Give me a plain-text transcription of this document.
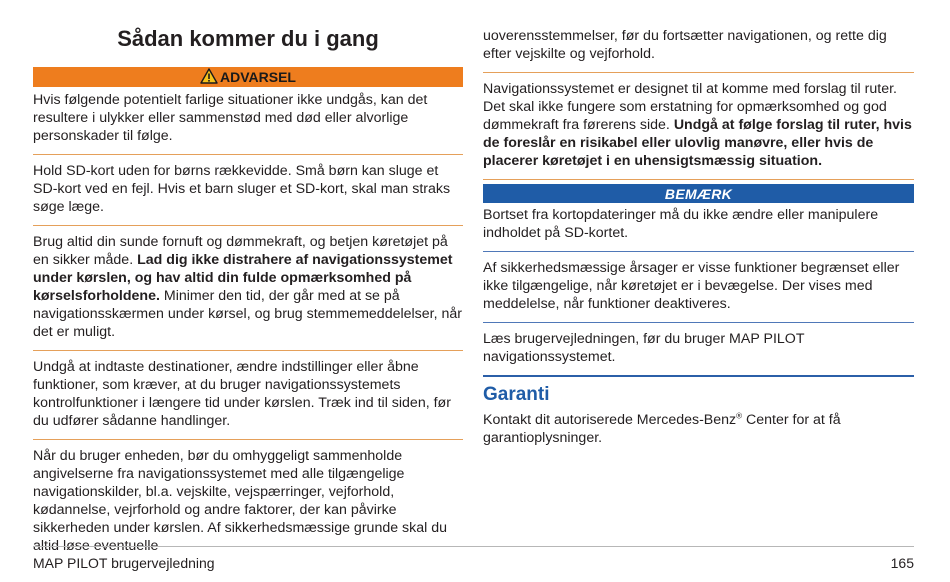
Sådan kommer du i gang
ADVARSEL
Hvis følgende potentielt farlige situationer ikke undgås, kan det resultere i ulykker eller sammenstød med død eller alvorlige personskader til følge.
Hold SD-kort uden for børns rækkevidde. Små børn kan sluge et SD-kort ved en fejl. Hvis et barn sluger et SD-kort, skal man straks søge læge.
Brug altid din sunde fornuft og dømmekraft, og betjen køretøjet på en sikker måde. Lad dig ikke distrahere af navigationssystemet under kørslen, og hav altid din fulde opmærksomhed på kørselsforholdene. Minimer den tid, der går med at se på navigationsskærmen under kørsel, og brug stemmemeddelelser, når det er muligt.
Undgå at indtaste destinationer, ændre indstillinger eller åbne funktioner, som kræver, at du bruger navigationssystemets kontrolfunktioner i længere tid under kørslen. Træk ind til siden, før du udfører sådanne handlinger.
Når du bruger enheden, bør du omhyggeligt sammenholde angivelserne fra navigationssystemet med alle tilgængelige navigationskilder, bl.a. vejskilte, vejspærringer, vejforhold, kødannelse, vejrforhold og andre faktorer, der kan påvirke sikkerheden under kørslen. Af sikkerhedsmæssige grunde skal du altid løse eventuelle
uoverensstemmelser, før du fortsætter navigationen, og rette dig efter vejskilte og vejforhold.
Navigationssystemet er designet til at komme med forslag til ruter. Det skal ikke fungere som erstatning for opmærksomhed og god dømmekraft fra førerens side. Undgå at følge forslag til ruter, hvis de foreslår en risikabel eller ulovlig manøvre, eller hvis de placerer køretøjet i en uhensigtsmæssig situation.
BEMÆRK
Bortset fra kortopdateringer må du ikke ændre eller manipulere indholdet på SD-kortet.
Af sikkerhedsmæssige årsager er visse funktioner begrænset eller ikke tilgængelige, når køretøjet er i bevægelse. Der vises med meddelelse, når funktioner deaktiveres.
Læs brugervejledningen, før du bruger MAP PILOT navigationssystemet.
Garanti
Kontakt dit autoriserede Mercedes-Benz® Center for at få garantioplysninger.
MAP PILOT brugervejledning	165
